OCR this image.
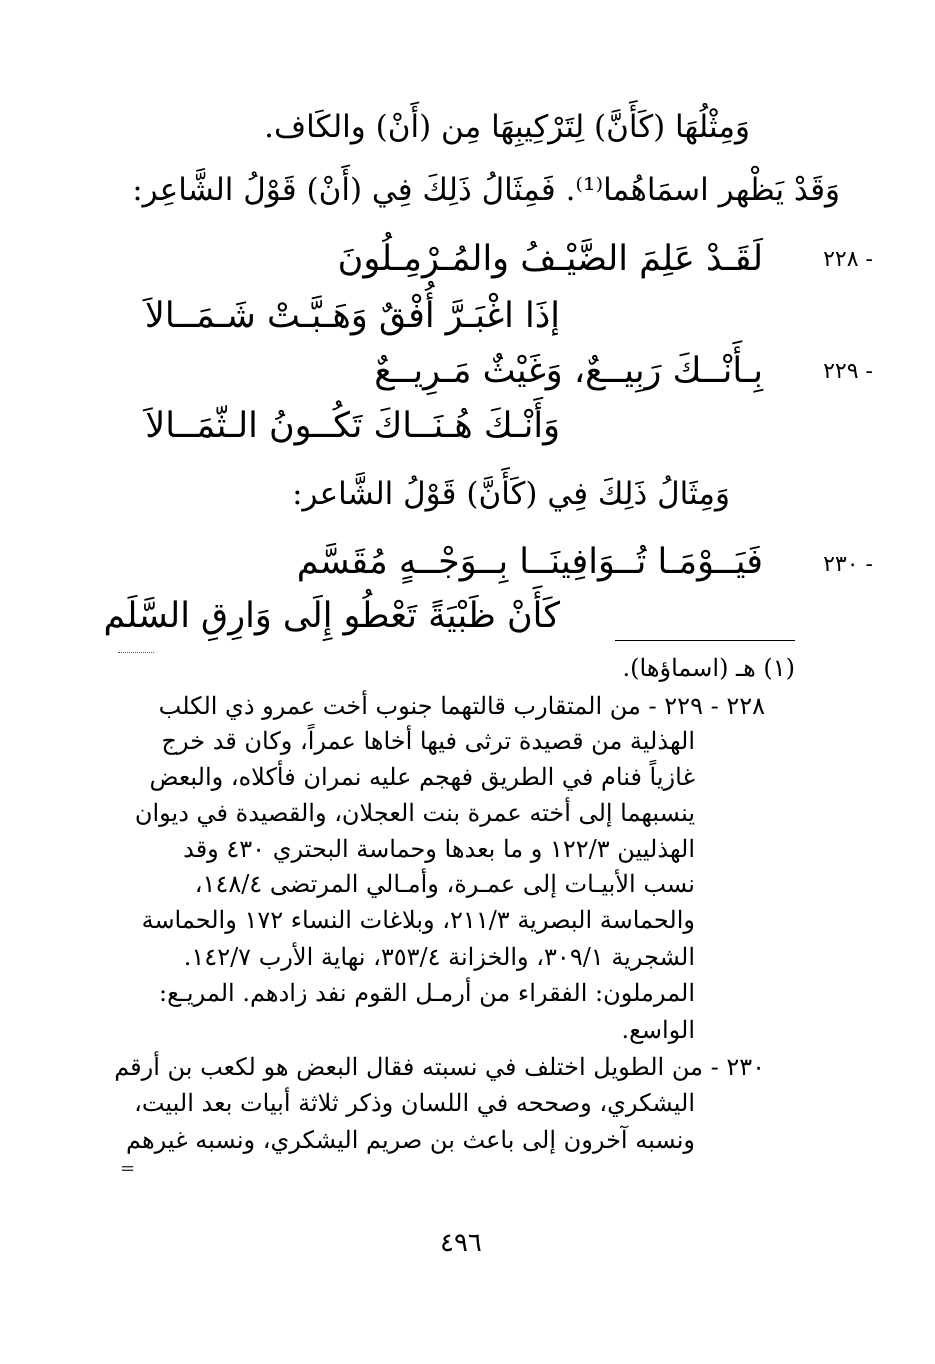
وَمِثْلُهَا (كَأَنَّ) لِتَرْكِيبِهَا مِن (أَنْ) والكَاف.
وَقَدْ يَظْهر اسمَاهُما⁽¹⁾. فَمِثَالُ ذَلِكَ فِي (أَنْ) قَوْلُ الشَّاعِر:
٢٢٨ -
لَقَـدْ عَلِمَ الضَّيْـفُ والمُـرْمِـلُونَ
إذَا اغْبَـرَّ أُفْقٌ وَهَـبَّـتْ شَـمَــالاَ
٢٢٩ -
بِـأَنْــكَ رَبِيــعٌ، وَغَيْثٌ مَـرِيــعٌ
وَأَنْـكَ هُـنَــاكَ تَكُــونُ الـثّمَــالاَ
وَمِثَالُ ذَلِكَ فِي (كَأَنَّ) قَوْلُ الشَّاعر:
٢٣٠ -
فَيَــوْمَـا تُــوَافِينَــا بِــوَجْــهٍ مُقَسَّم
كَأَنْ ظَبْيَةً تَعْطُو إِلَى وَارِقِ السَّلَم
(١) هـ (اسماؤها).
٢٢٨ - ٢٢٩ - من المتقارب قالتهما جنوب أخت عمرو ذي الكلب
الهذلية من قصيدة ترثى فيها أخاها عمراً، وكان قد خرج
غازياً فنام في الطريق فهجم عليه نمران فأكلاه، والبعض
ينسبهما إلى أخته عمرة بنت العجلان، والقصيدة في ديوان
الهذليين ١٢٢/٣ و ما بعدها وحماسة البحتري ٤٣٠ وقد
نسب الأبيـات إلى عمـرة، وأمـالي المرتضى ١٤٨/٤،
والحماسة البصرية ٢١١/٣، وبلاغات النساء ١٧٢ والحماسة
الشجرية ٣٠٩/١، والخزانة ٣٥٣/٤، نهاية الأرب ١٤٢/٧.
المرملون: الفقراء من أرمـل القوم نفد زادهم. المريـع:
الواسع.
٢٣٠ - من الطويل اختلف في نسبته فقال البعض هو لكعب بن أرقم
اليشكري، وصححه في اللسان وذكر ثلاثة أبيات بعد البيت،
ونسبه آخرون إلى باعث بن صريم اليشكري، ونسبه غيرهم
=
٤٩٦
